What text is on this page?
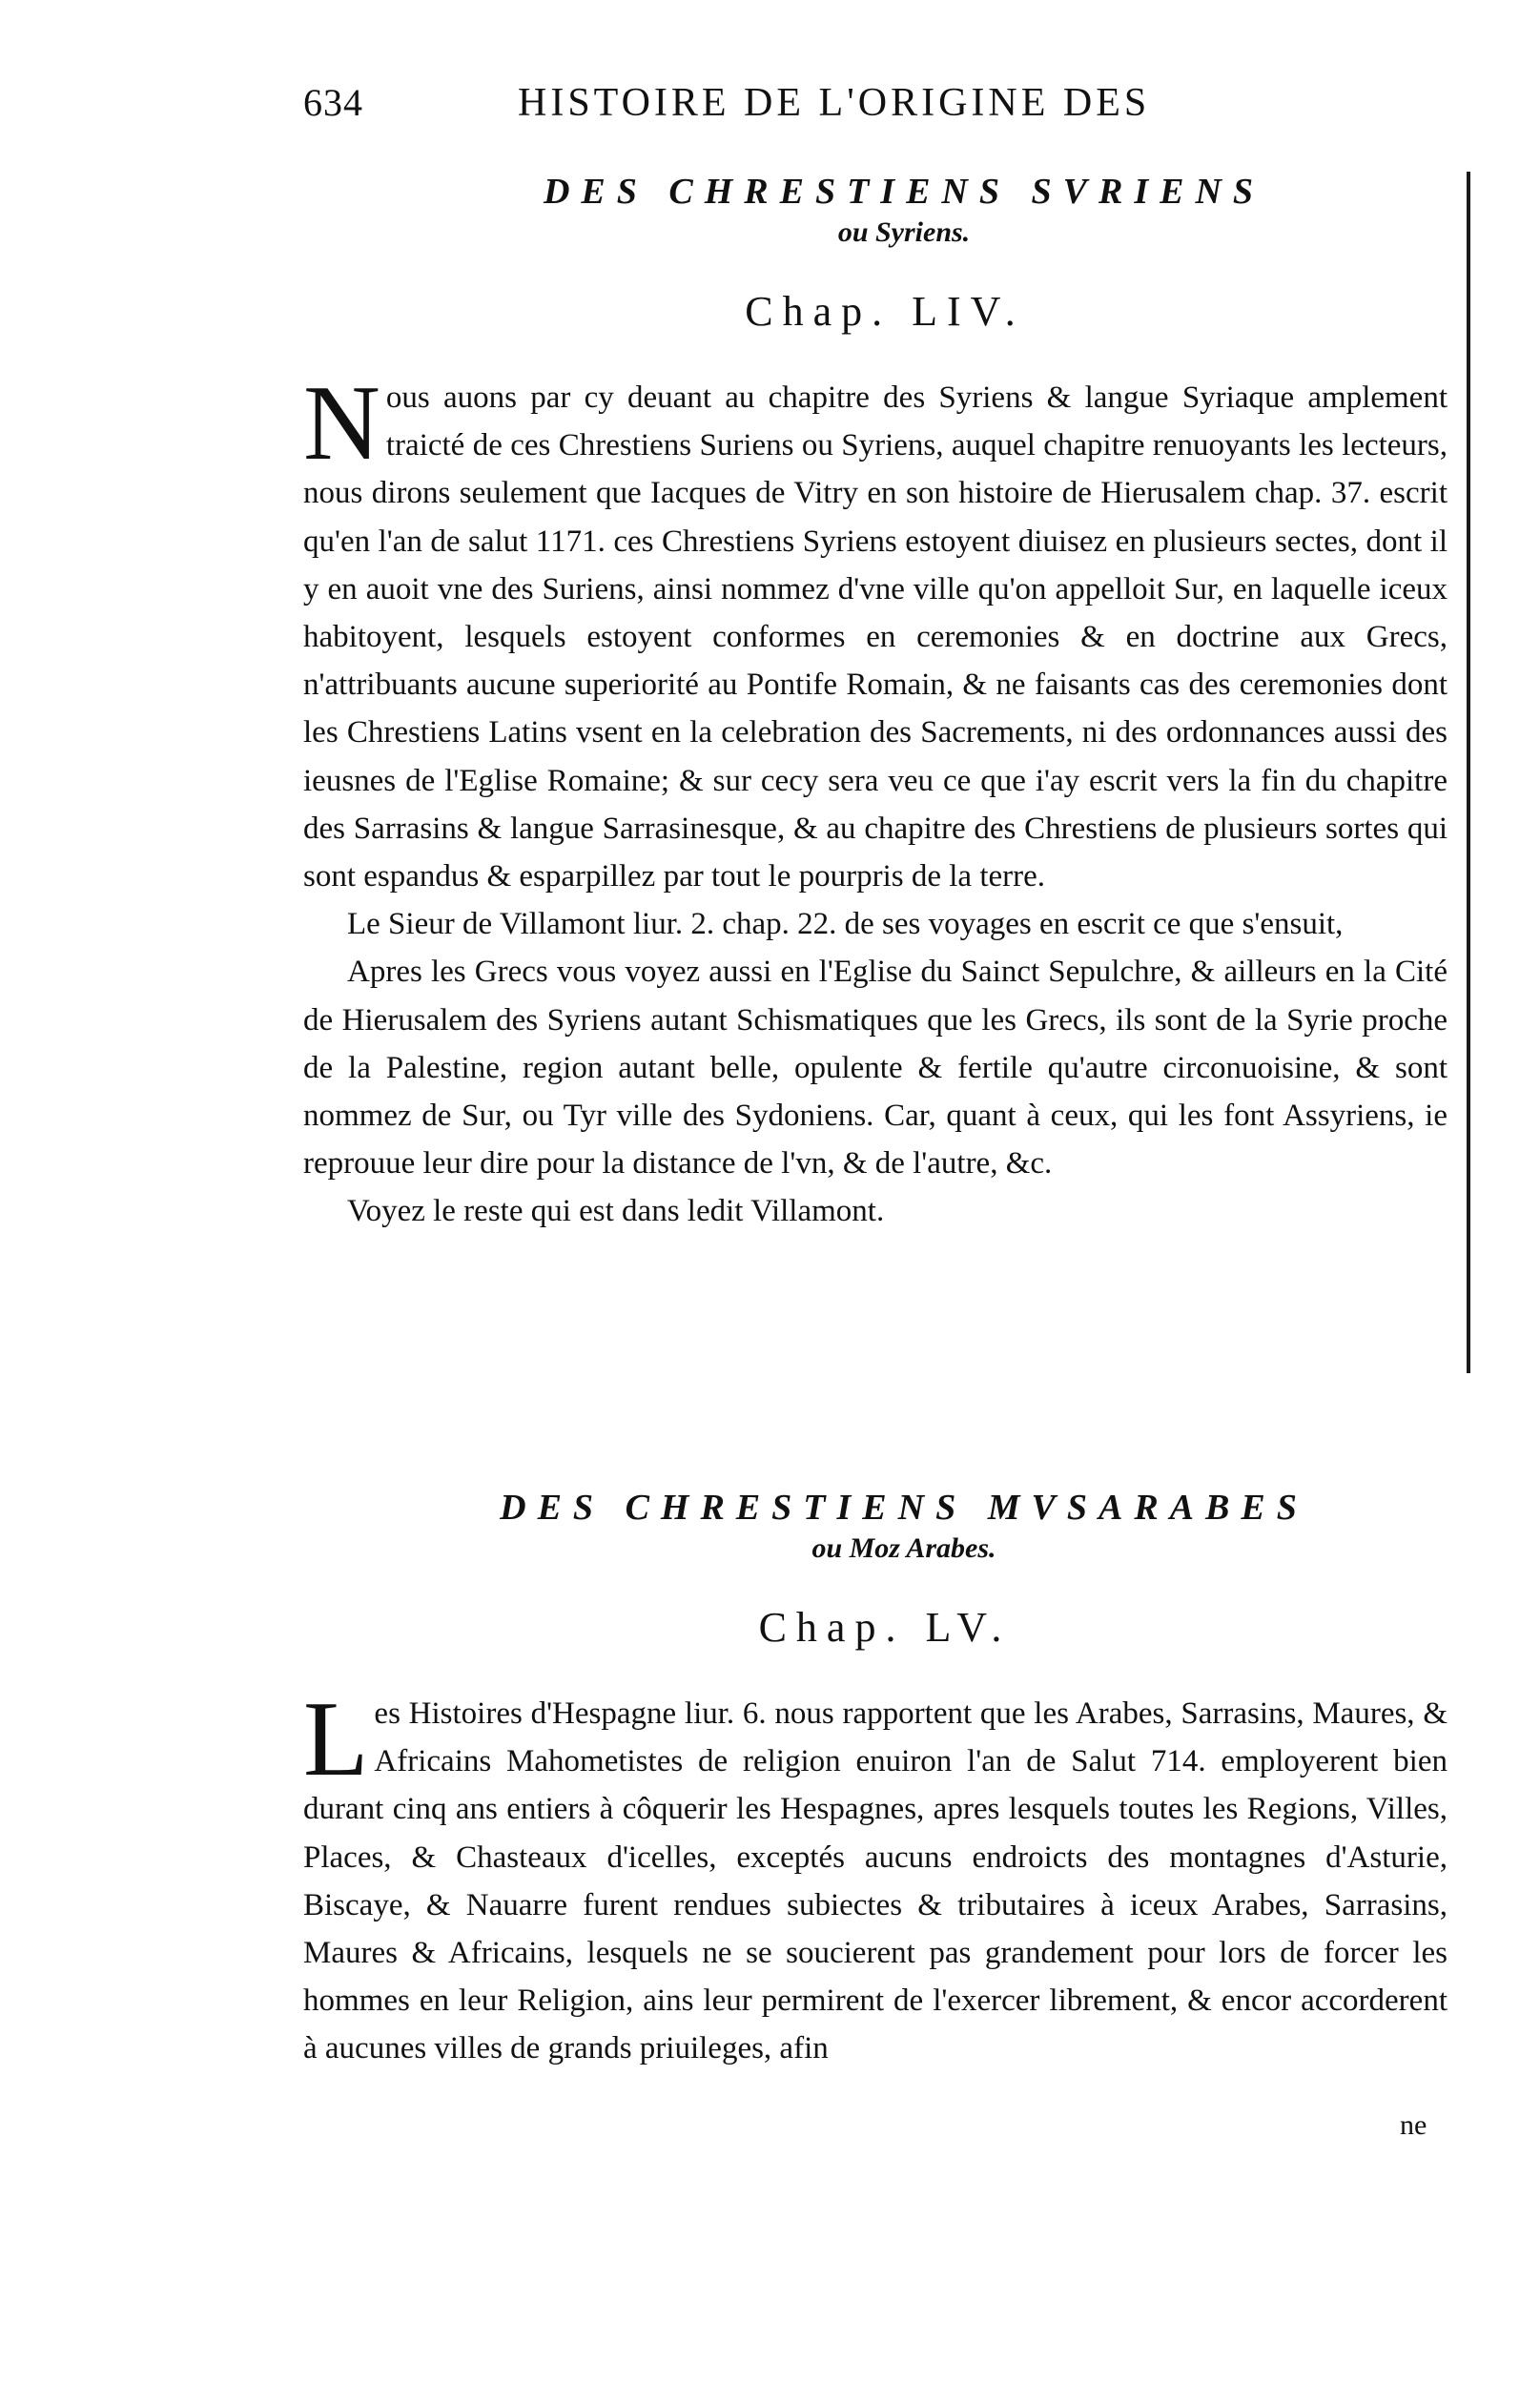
634	HISTOIRE DE L'ORIGINE DES
DES CHRESTIENS SVRIENS
ou Syriens.
Chap. LIV.

Nous auons par cy deuant au chapitre des Syriens & langue Syriaque amplement traicté de ces Chrestiens Suriens ou Syriens, auquel chapitre renuoyants les lecteurs, nous dirons seulement que Iacques de Vitry en son histoire de Hierusalem chap. 37. escrit qu'en l'an de salut 1171. ces Chrestiens Syriens estoyent diuisez en plusieurs sectes, dont il y en auoit vne des Suriens, ainsi nommez d'vne ville qu'on appelloit Sur, en laquelle iceux habitoyent, lesquels estoyent conformes en ceremonies & en doctrine aux Grecs, n'attribuants aucune superiorité au Pontife Romain, & ne faisants cas des ceremonies dont les Chrestiens Latins vsent en la celebration des Sacrements, ni des ordonnances aussi des ieusnes de l'Eglise Romaine; & sur cecy sera veu ce que i'ay escrit vers la fin du chapitre des Sarrasins & langue Sarrasinesque, & au chapitre des Chrestiens de plusieurs sortes qui sont espandus & esparpillez par tout le pourpris de la terre.

Le Sieur de Villamont liur. 2. chap. 22. de ses voyages en escrit ce que s'ensuit,

Apres les Grecs vous voyez aussi en l'Eglise du Sainct Sepulchre, & ailleurs en la Cité de Hierusalem des Syriens autant Schismatiques que les Grecs, ils sont de la Syrie proche de la Palestine, region autant belle, opulente & fertile qu'autre circonuoisine, & sont nommez de Sur, ou Tyr ville des Sydoniens. Car, quant à ceux, qui les font Assyriens, ie reprouue leur dire pour la distance de l'vn, & de l'autre, &c.

Voyez le reste qui est dans ledit Villamont.

DES CHRESTIENS MVSARABES
ou Moz Arabes.
Chap. LV.

Les Histoires d'Hespagne liur. 6. nous rapportent que les Arabes, Sarrasins, Maures, & Africains Mahometistes de religion enuiron l'an de Salut 714. employerent bien durant cinq ans entiers à côquerir les Hespagnes, apres lesquels toutes les Regions, Villes, Places, & Chasteaux d'icelles, exceptés aucuns endroicts des montagnes d'Asturie, Biscaye, & Nauarre furent rendues subiectes & tributaires à iceux Arabes, Sarrasins, Maures & Africains, lesquels ne se soucierent pas grandement pour lors de forcer les hommes en leur Religion, ains leur permirent de l'exercer librement, & encor accorderent à aucunes villes de grands priuileges, afin

ne
